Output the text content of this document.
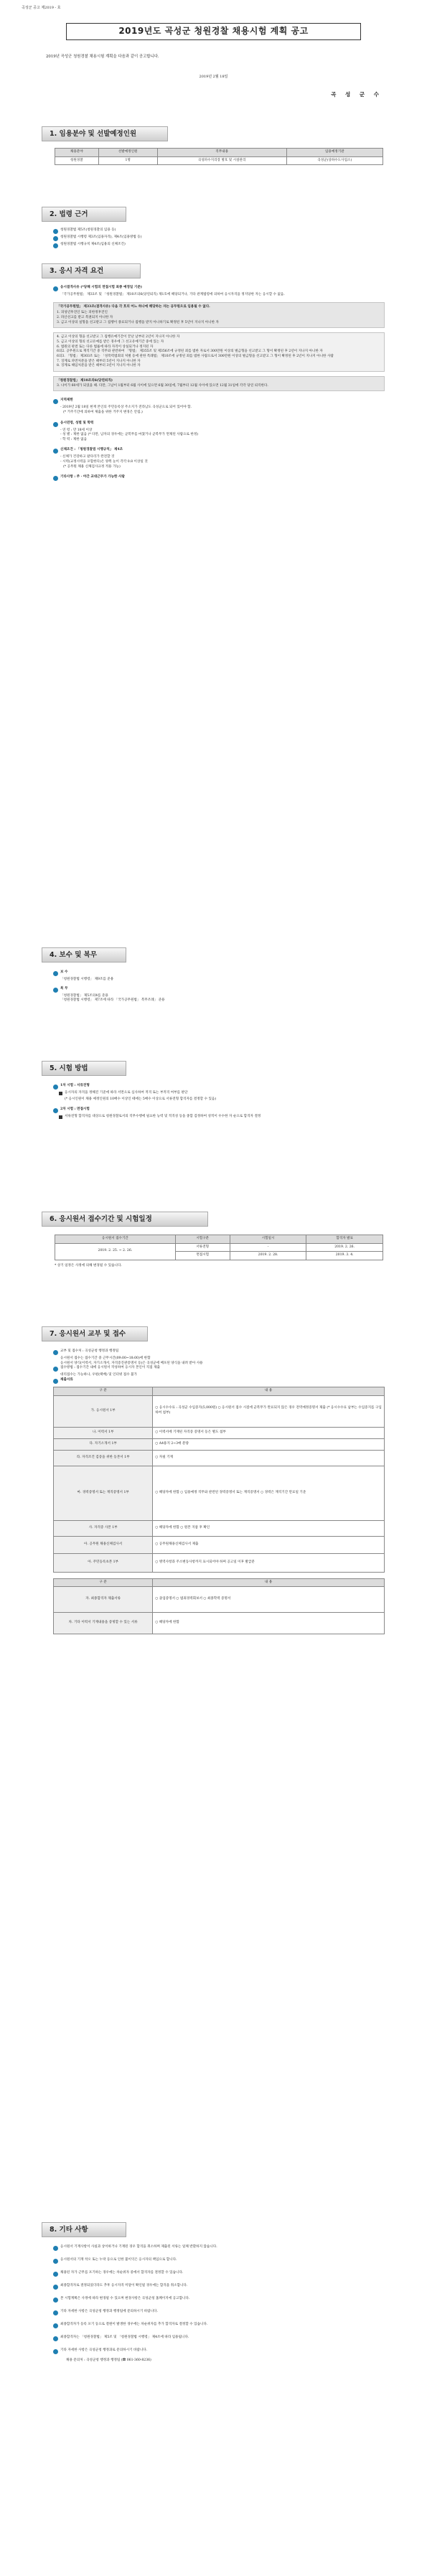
곡성군 공고 제2019 - 호
2019년도 곡성군 청원경찰 채용시험 계획 공고
2019년 곡성군 청원경찰 채용시험 계획을 다음과 같이 공고합니다.
2019년 2월 18일
곡 성 군 수
1. 임용분야 및 선발예정인원
채용분야	선발예정인원	직무내용	임용예정기관
청원경찰	1명	곡성파수지리장 방호 및 시설관리	곡성군(상하수도사업소)
2. 법령 근거
청원경찰법 제5조(청원경찰의 임용 등)
청원경찰법 시행령 제3조(임용자격), 제4조(임용방법 등)
청원경찰법 시행규칙 제4조(임용의 신체조건)
3. 응시 자격 요건
응시결격사유 (*당해 시험의 면접시험 최종 예정일 기준)
「국가공무원법」 제33조 및 「청원경찰법」 제10조의6(당연퇴직) 제1호에 해당되거나, 기타 관계법령에 의하여 응시자격을 정지당한 자는 응시할 수 없음.
「국가공무원법」 제33조(결격사유) 다음 각 호의 어느 하나에 해당하는 자는 공무원으로 임용될 수 없다.
1. 피성년후견인 또는 피한정후견인
2. 파산선고를 받고 복권되지 아니한 자
3. 금고 이상의 실형을 선고받고 그 집행이 종료되거나 집행을 받지 아니하기로 확정된 후 5년이 지나지 아니한 자
4. 금고 이상의 형을 선고받고 그 집행유예기간이 끝난 날부터 2년이 지나지 아니한 자
5. 금고 이상의 형의 선고유예를 받은 경우에 그 선고유예기간 중에 있는 자
6. 법원의 판결 또는 다른 법률에 따라 자격이 상실되거나 정지된 자
6의2. 공무원으로 재직기간 중 직무와 관련하여 「형법」 제355조 및 제356조에 규정된 죄를 범한 자로서 300만원 이상의 벌금형을 선고받고 그 형이 확정된 후 2년이 지나지 아니한 자
6의3. 「형법」 제303조 또는 「성폭력범죄의 처벌 등에 관한 특례법」 제10조에 규정된 죄를 범한 사람으로서 300만원 이상의 벌금형을 선고받고 그 형이 확정된 후 2년이 지나지 아니한 사람
7. 징계로 파면처분을 받은 때부터 5년이 지나지 아니한 자
8. 징계로 해임처분을 받은 때부터 3년이 지나지 아니한 자
「청원경찰법」 제10조의6(당연퇴직)
3. 나이가 60세가 되었을 때. 다만, 그날이 1월부터 6월 사이에 있으면 6월 30일에, 7월부터 12월 사이에 있으면 12월 31일에 각각 당연 퇴직한다.
지역제한
- 2019년 2월 18일 현재 본인의 주민등록상 주소지가 전라남도 곡성군으로 되어 있어야 함.
(* 거주기간에 의하여 제출을 위한 거주지 변경은 안됨.)
응시연령, 성별 및 학력
- 연 령 : 만 18세 이상
- 성 별 : 제한 없음 (* 다만, 남자의 경우에는 군복무를 마쳤거나 군복무가 면제된 사람으로 한정)
- 학 력 : 제한 없음
신체조건 : 「청원경찰법 시행규칙」 제4조
- 신체가 건강하고 팔다리가 완전할 것
- 시력(교정시력을 포함한다)은 양쪽 눈이 각각 0.8 이상일 것
(* 공무원 채용 신체검사규정 적용 가능)
기타사항 : 주 · 야간 교대근무가 가능한 사람
4. 보수 및 복무
보 수
「청원경찰법 시행령」 제9조를 준용
복 무
「청원경찰법」 제5조의4를 준용
「청원경찰법 시행령」 제7조에 따라 「국가공무원법」 복무조례」 준용
5. 시험 방법
1차 시험 : 서류전형
응시자의 자격을 정해진 기준에 따라 서면으로 심사하여 적격 또는 부적격 여부를 판단
(* 응시인원이 채용 예정인원의 10배수 이상인 때에는 5배수 이상으로 서류전형 합격자를 결정할 수 있음)
2차 시험 : 면접시험
서류전형 합격자를 대상으로 청원경찰로서의 직무수행에 필요한 능력 및 적격성 등을 종합 검정하여 성적이 우수한 자 순으로 합격자 결정
6. 응시원서 접수기간 및 시험일정
응시원서 접수기간	시험구분	시험일시	합격자 발표
2019. 2. 25. ~ 2. 26.	서류전형	-	2019. 2. 26.
	면접시험	2019. 2. 28.	2019. 3. 4.
* 상기 일정은 사정에 의해 변경될 수 있습니다.
7. 응시원서 교부 및 접수
교부 및 접수처 : 곡성군청 행정과 행정팀
응시원서 접수는 접수기간 중 근무시간(09:00~18:00)에 한함
응시원서 양식(이력서, 자기소개서, 자격증진관증명서 등)은 곡성군에 배포된 양식을 내려 받아 사용
접수방법 : 접수기간 내에 응시원서 작성하여 응시자 본인이 직접 제출
대리접수는 가능하나, 우편(택배) 및 인터넷 접수 불가
제출서류
구 분	내 용
가. 응시원서 1부	○ 응시수수료 : 곡성군 수입증지(5,000원) ○ 응시원서 접수 시점에 군복무가 완료되지 않은 경우 전역예정증명서 제출 (* 응시수수료 납부는 수입증지를 구입하여 첨부)
나. 이력서 1부	○ 이력서에 기재된 자격증 증명서 등은 별도 첨부
다. 자기소개서 1부	○ A4용지 2~3매 분량
라. 자격조건 검증을 위한 등본서 1부	○ 자필 기재
마. 경력증명서 또는 재직증명서 1부	○ 해당자에 한함 ○ 임용예정 직무와 관련된 경력증명서 또는 재직증명서 ○ 경력은 재직기간 만료일 기준
사. 자격증 사본 1부	○ 해당자에 한함 ○ 원본 지참 후 확인
아. 공무원 채용신체검사서	○ 공무원채용신체검사서 제출
아. 주민등록초본 1부	○ 병역사항과 주소변동사항까지 표시되어야 하며 공고일 이후 발급분
구 분	내 용
자. 최종합격자 제출서류	○ 졸업증명서 ○ 범죄경력회보서 ○ 최종학력 증명서
차. 기타 이력서 기재내용을 증빙할 수 있는 서류	○ 해당자에 한함
8. 기타 사항
응시원서 기재사항이 사실과 상이하거나 기재된 경우 합격을 취소하며 제출된 서류는 일체 반환하지 않습니다.
응시원서의 기재 착오 또는 누락 등으로 인한 불이익은 응시자의 책임으로 합니다.
채용된 자가 근무를 포기하는 경우에는 차순위자 중에서 합격자를 결정할 수 있습니다.
최종합격자로 결정되었더라도 추후 응시자격 미달이 확인될 경우에는 합격을 취소합니다.
본 시험계획은 사정에 따라 변경될 수 있으며 변경사항은 곡성군청 홈페이지에 공고합니다.
기타 자세한 사항은 곡성군청 행정과 행정팀에 문의하시기 바랍니다.
최종합격자가 등록 포기 등으로 결원이 발생한 경우에는 차순위자를 추가 합격자로 결정할 수 있습니다.
최종합격자는 「청원경찰법」 제5조 및 「청원경찰법 시행령」 제4조에 따라 임용됩니다.
기타 자세한 사항은 곡성군청 행정과로 문의하시기 바랍니다.
채용 문의처 : 곡성군청 행정과 행정팀 (☎ 061-360-8236)
